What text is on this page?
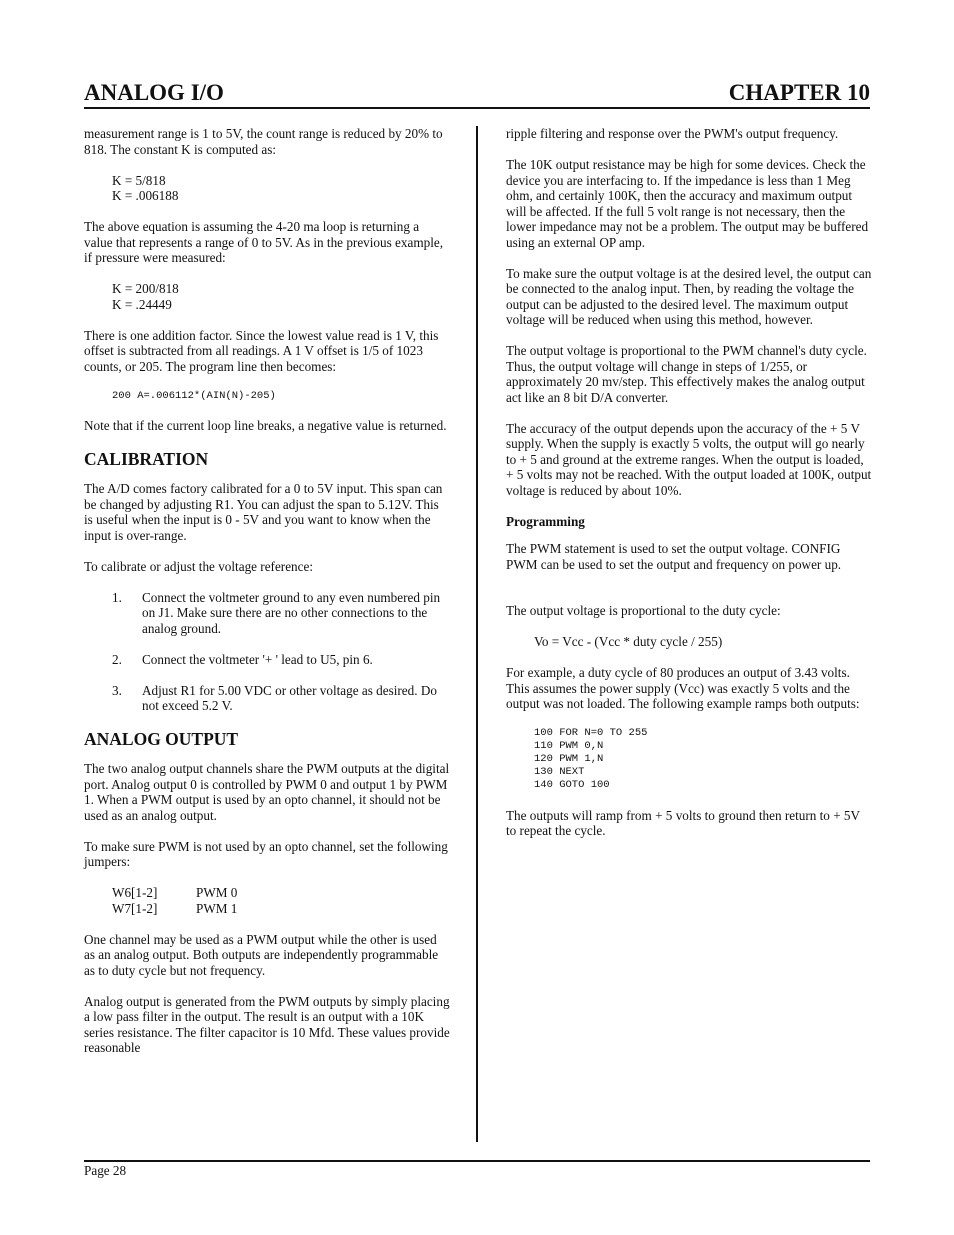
ANALOG I/O	CHAPTER 10

measurement range is 1 to 5V, the count range is reduced by 20% to 818. The constant K is computed as:

K = 5/818
K = .006188

The above equation is assuming the 4-20 ma loop is returning a value that represents a range of 0 to 5V. As in the previous example, if pressure were measured:

K = 200/818
K = .24449

There is one addition factor. Since the lowest value read is 1 V, this offset is subtracted from all readings. A 1 V offset is 1/5 of 1023 counts, or 205. The program line then becomes:

200 A=.006112*(AIN(N)-205)

Note that if the current loop line breaks, a negative value is returned.

CALIBRATION

The A/D comes factory calibrated for a 0 to 5V input. This span can be changed by adjusting R1. You can adjust the span to 5.12V. This is useful when the input is 0 - 5V and you want to know when the input is over-range.

To calibrate or adjust the voltage reference:

1. Connect the voltmeter ground to any even numbered pin on J1. Make sure there are no other connections to the analog ground.
2. Connect the voltmeter '+ ' lead to U5, pin 6.
3. Adjust R1 for 5.00 VDC or other voltage as desired. Do not exceed 5.2 V.
ANALOG OUTPUT

The two analog output channels share the PWM outputs at the digital port. Analog output 0 is controlled by PWM 0 and output 1 by PWM 1. When a PWM output is used by an opto channel, it should not be used as an analog output.

To make sure PWM is not used by an opto channel, set the following jumpers:

W6[1-2]	PWM 0
W7[1-2]	PWM 1

One channel may be used as a PWM output while the other is used as an analog output. Both outputs are independently programmable as to duty cycle but not frequency.

Analog output is generated from the PWM outputs by simply placing a low pass filter in the output. The result is an output with a 10K series resistance. The filter capacitor is 10 Mfd. These values provide reasonable

ripple filtering and response over the PWM's output frequency.

The 10K output resistance may be high for some devices. Check the device you are interfacing to. If the impedance is less than 1 Meg ohm, and certainly 100K, then the accuracy and maximum output will be affected. If the full 5 volt range is not necessary, then the lower impedance may not be a problem. The output may be buffered using an external OP amp.

To make sure the output voltage is at the desired level, the output can be connected to the analog input. Then, by reading the voltage the output can be adjusted to the desired level. The maximum output voltage will be reduced when using this method, however.

The output voltage is proportional to the PWM channel's duty cycle. Thus, the output voltage will change in steps of 1/255, or approximately 20 mv/step. This effectively makes the analog output act like an 8 bit D/A converter.

The accuracy of the output depends upon the accuracy of the + 5 V supply. When the supply is exactly 5 volts, the output will go nearly to + 5 and ground at the extreme ranges. When the output is loaded, + 5 volts may not be reached. With the output loaded at 100K, output voltage is reduced by about 10%.

Programming

The PWM statement is used to set the output voltage. CONFIG PWM can be used to set the output and frequency on power up.

The output voltage is proportional to the duty cycle:

Vo = Vcc - (Vcc * duty cycle / 255)

For example, a duty cycle of 80 produces an output of 3.43 volts. This assumes the power supply (Vcc) was exactly 5 volts and the output was not loaded. The following example ramps both outputs:

100 FOR N=0 TO 255
110 PWM 0,N
120 PWM 1,N
130 NEXT
140 GOTO 100

The outputs will ramp from + 5 volts to ground then return to + 5V to repeat the cycle.

Page 28
